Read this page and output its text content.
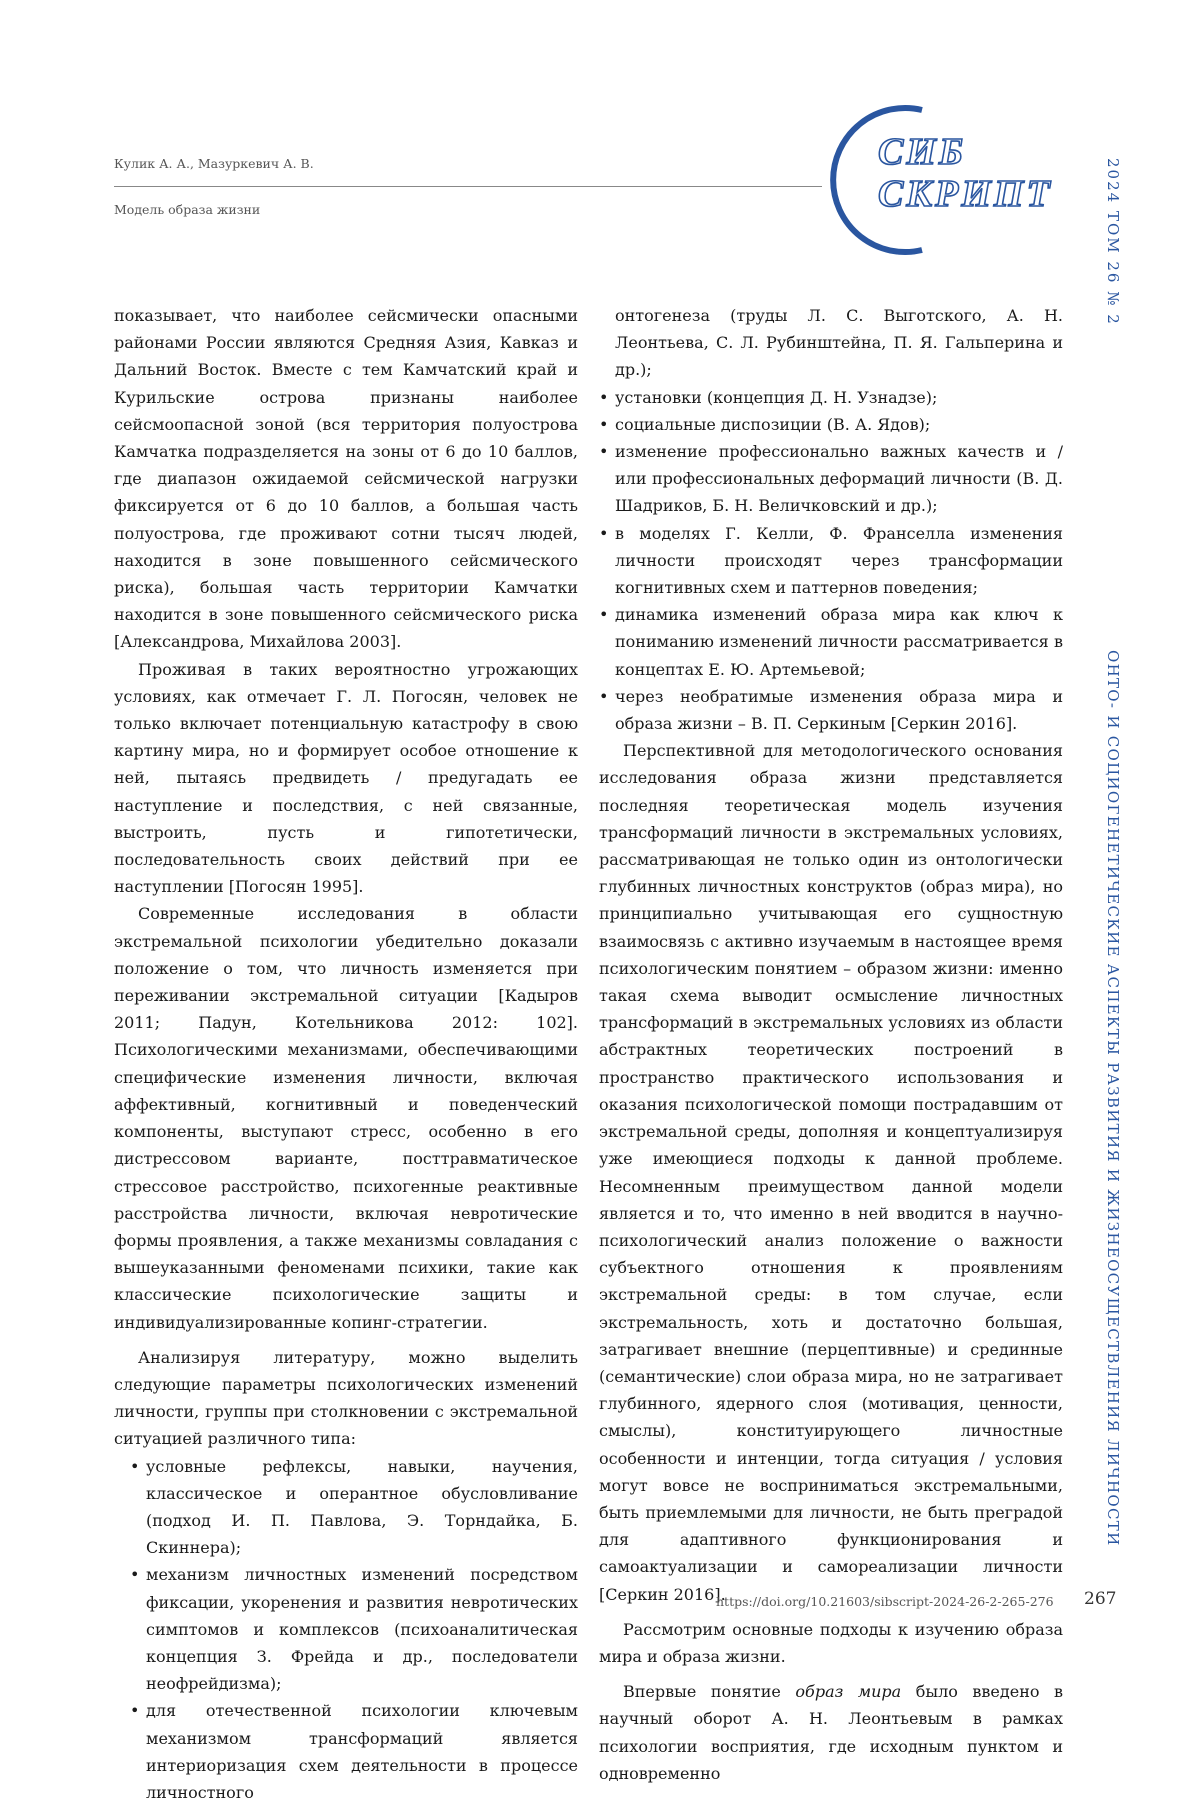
Кулик А. А., Мазуркевич А. В.
Модель образа жизни
СИБ
СКРИПТ	2024 ТОМ 26 № 2
ОНТО- И СОЦИОГЕНЕТИЧЕСКИЕ АСПЕКТЫ РАЗВИТИЯ И ЖИЗНЕОСУЩЕСТВЛЕНИЯ ЛИЧНОСТИ

показывает, что наиболее сейсмически опасными районами России являются Средняя Азия, Кавказ и Дальний Восток. Вместе с тем Камчатский край и Курильские острова признаны наиболее сейсмоопасной зоной (вся территория полуострова Камчатка подразделяется на зоны от 6 до 10 баллов, где диапазон ожидаемой сейсмической нагрузки фиксируется от 6 до 10 баллов, а большая часть полуострова, где проживают сотни тысяч людей, находится в зоне повышенного сейсмического риска), большая часть территории Камчатки находится в зоне повышенного сейсмического риска [Александрова, Михайлова 2003].

Проживая в таких вероятностно угрожающих условиях, как отмечает Г. Л. Погосян, человек не только включает потенциальную катастрофу в свою картину мира, но и формирует особое отношение к ней, пытаясь предвидеть / предугадать ее наступление и последствия, с ней связанные, выстроить, пусть и гипотетически, последовательность своих действий при ее наступлении [Погосян 1995].

Современные исследования в области экстремальной психологии убедительно доказали положение о том, что личность изменяется при переживании экстремальной ситуации [Кадыров 2011; Падун, Котельникова 2012: 102]. Психологическими механизмами, обеспечивающими специфические изменения личности, включая аффективный, когнитивный и поведенческий компоненты, выступают стресс, особенно в его дистрессовом варианте, посттравматическое стрессовое расстройство, психогенные реактивные расстройства личности, включая невротические формы проявления, а также механизмы совладания с вышеуказанными феноменами психики, такие как классические психологические защиты и индивидуализированные копинг-стратегии.

Анализируя литературу, можно выделить следующие параметры психологических изменений личности, группы при столкновении с экстремальной ситуацией различного типа:

• условные рефлексы, навыки, научения, классическое и оперантное обусловливание (подход И. П. Павлова, Э. Торндайка, Б. Скиннера);
• механизм личностных изменений посредством фиксации, укоренения и развития невротических симптомов и комплексов (психоаналитическая концепция З. Фрейда и др., последователи неофрейдизма);
• для отечественной психологии ключевым механизмом трансформаций является интериоризация схем деятельности в процессе личностного
онтогенеза (труды Л. С. Выготского, А. Н. Леонтьева, С. Л. Рубинштейна, П. Я. Гальперина и др.);
• установки (концепция Д. Н. Узнадзе);
• социальные диспозиции (В. А. Ядов);
• изменение профессионально важных качеств и / или профессиональных деформаций личности (В. Д. Шадриков, Б. Н. Величковский и др.);
• в моделях Г. Келли, Ф. Франселла изменения личности происходят через трансформации когнитивных схем и паттернов поведения;
• динамика изменений образа мира как ключ к пониманию изменений личности рассматривается в концептах Е. Ю. Артемьевой;
• через необратимые изменения образа мира и образа жизни – В. П. Серкиным [Серкин 2016].

Перспективной для методологического основания исследования образа жизни представляется последняя теоретическая модель изучения трансформаций личности в экстремальных условиях, рассматривающая не только один из онтологически глубинных личностных конструктов (образ мира), но принципиально учитывающая его сущностную взаимосвязь с активно изучаемым в настоящее время психологическим понятием – образом жизни: именно такая схема выводит осмысление личностных трансформаций в экстремальных условиях из области абстрактных теоретических построений в пространство практического использования и оказания психологической помощи пострадавшим от экстремальной среды, дополняя и концептуализируя уже имеющиеся подходы к данной проблеме. Несомненным преимуществом данной модели является и то, что именно в ней вводится в научно-психологический анализ положение о важности субъектного отношения к проявлениям экстремальной среды: в том случае, если экстремальность, хоть и достаточно большая, затрагивает внешние (перцептивные) и срединные (семантические) слои образа мира, но не затрагивает глубинного, ядерного слоя (мотивация, ценности, смыслы), конституирующего личностные особенности и интенции, тогда ситуация / условия могут вовсе не восприниматься экстремальными, быть приемлемыми для личности, не быть преградой для адаптивного функционирования и самоактуализации и самореализации личности [Серкин 2016].

Рассмотрим основные подходы к изучению образа мира и образа жизни.

Впервые понятие образ мира было введено в научный оборот А. Н. Леонтьевым в рамках психологии восприятия, где исходным пунктом и одновременно

https://doi.org/10.21603/sibscript-2024-26-2-265-276 267
